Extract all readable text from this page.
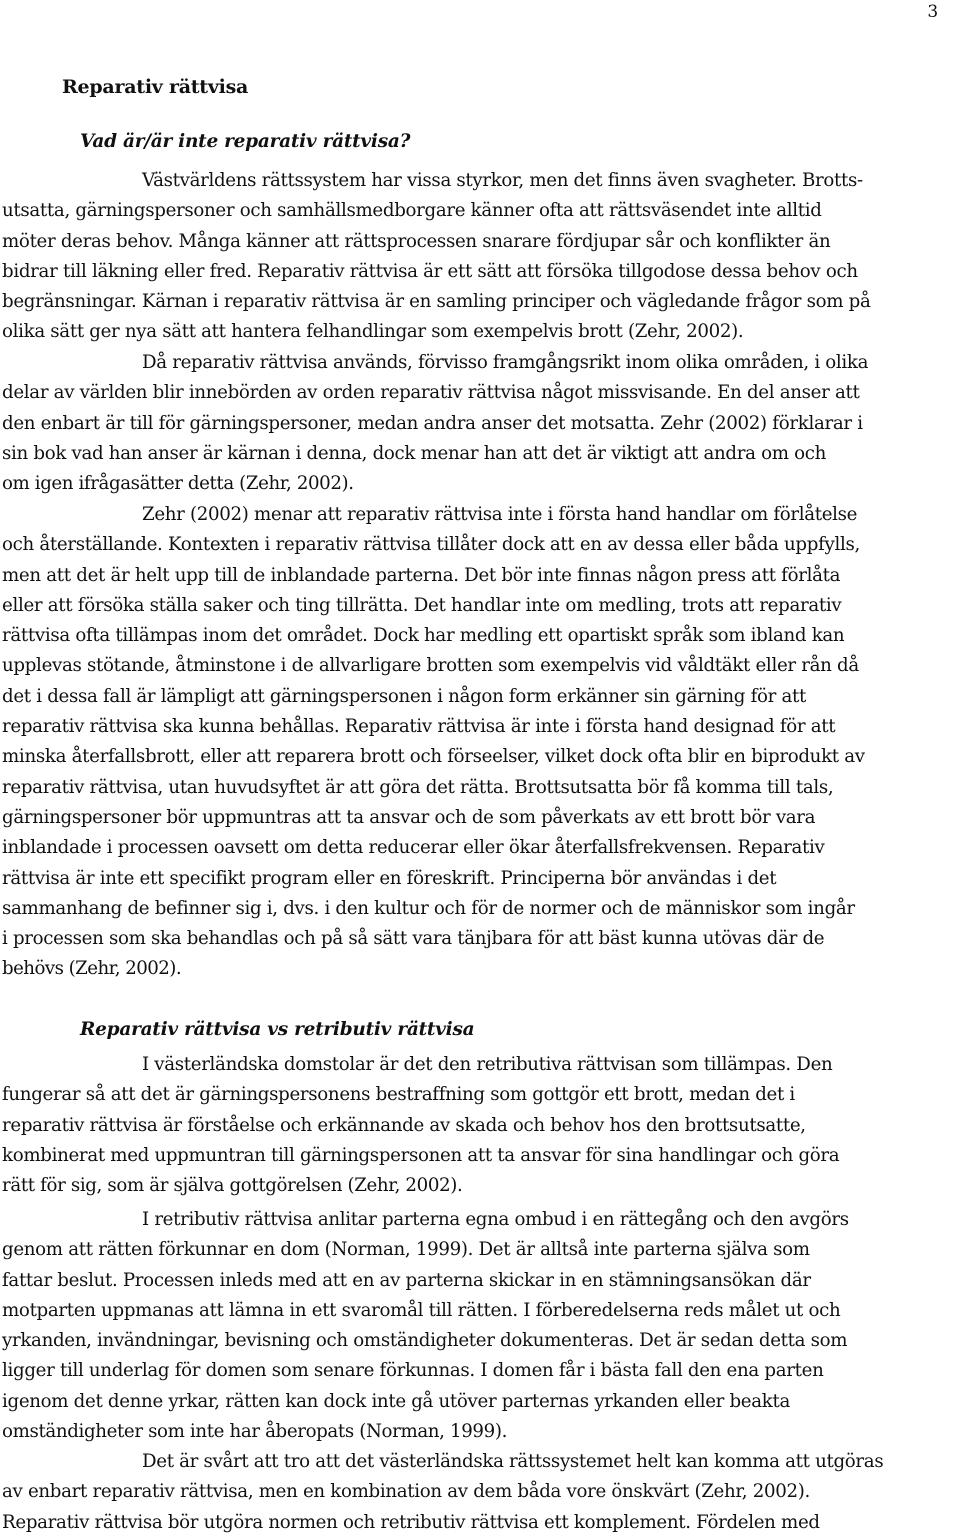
3
Reparativ rättvisa
Vad är/är inte reparativ rättvisa?

Västvärldens rättssystem har vissa styrkor, men det finns även svagheter. Brotts-
utsatta, gärningspersoner och samhällsmedborgare känner ofta att rättsväsendet inte alltid
möter deras behov. Många känner att rättsprocessen snarare fördjupar sår och konflikter än
bidrar till läkning eller fred. Reparativ rättvisa är ett sätt att försöka tillgodose dessa behov och
begränsningar. Kärnan i reparativ rättvisa är en samling principer och vägledande frågor som på
olika sätt ger nya sätt att hantera felhandlingar som exempelvis brott (Zehr, 2002).

Då reparativ rättvisa används, förvisso framgångsrikt inom olika områden, i olika
delar av världen blir innebörden av orden reparativ rättvisa något missvisande. En del anser att
den enbart är till för gärningspersoner, medan andra anser det motsatta. Zehr (2002) förklarar i
sin bok vad han anser är kärnan i denna, dock menar han att det är viktigt att andra om och
om igen ifrågasätter detta (Zehr, 2002).

Zehr (2002) menar att reparativ rättvisa inte i första hand handlar om förlåtelse
och återställande. Kontexten i reparativ rättvisa tillåter dock att en av dessa eller båda uppfylls,
men att det är helt upp till de inblandade parterna. Det bör inte finnas någon press att förlåta
eller att försöka ställa saker och ting tillrätta. Det handlar inte om medling, trots att reparativ
rättvisa ofta tillämpas inom det området. Dock har medling ett opartiskt språk som ibland kan
upplevas stötande, åtminstone i de allvarligare brotten som exempelvis vid våldtäkt eller rån då
det i dessa fall är lämpligt att gärningspersonen i någon form erkänner sin gärning för att
reparativ rättvisa ska kunna behållas. Reparativ rättvisa är inte i första hand designad för att
minska återfallsbrott, eller att reparera brott och förseelser, vilket dock ofta blir en biprodukt av
reparativ rättvisa, utan huvudsyftet är att göra det rätta. Brottsutsatta bör få komma till tals,
gärningspersoner bör uppmuntras att ta ansvar och de som påverkats av ett brott bör vara
inblandade i processen oavsett om detta reducerar eller ökar återfallsfrekvensen. Reparativ
rättvisa är inte ett specifikt program eller en föreskrift. Principerna bör användas i det
sammanhang de befinner sig i, dvs. i den kultur och för de normer och de människor som ingår
i processen som ska behandlas och på så sätt vara tänjbara för att bäst kunna utövas där de
behövs (Zehr, 2002).

Reparativ rättvisa vs retributiv rättvisa

I västerländska domstolar är det den retributiva rättvisan som tillämpas. Den
fungerar så att det är gärningspersonens bestraffning som gottgör ett brott, medan det i
reparativ rättvisa är förståelse och erkännande av skada och behov hos den brottsutsatte,
kombinerat med uppmuntran till gärningspersonen att ta ansvar för sina handlingar och göra
rätt för sig, som är själva gottgörelsen (Zehr, 2002).

I retributiv rättvisa anlitar parterna egna ombud i en rättegång och den avgörs
genom att rätten förkunnar en dom (Norman, 1999). Det är alltså inte parterna själva som
fattar beslut. Processen inleds med att en av parterna skickar in en stämningsansökan där
motparten uppmanas att lämna in ett svaromål till rätten. I förberedelserna reds målet ut och
yrkanden, invändningar, bevisning och omständigheter dokumenteras. Det är sedan detta som
ligger till underlag för domen som senare förkunnas. I domen får i bästa fall den ena parten
igenom det denne yrkar, rätten kan dock inte gå utöver parternas yrkanden eller beakta
omständigheter som inte har åberopats (Norman, 1999).

Det är svårt att tro att det västerländska rättssystemet helt kan komma att utgöras
av enbart reparativ rättvisa, men en kombination av dem båda vore önskvärt (Zehr, 2002).
Reparativ rättvisa bör utgöra normen och retributiv rättvisa ett komplement. Fördelen med
